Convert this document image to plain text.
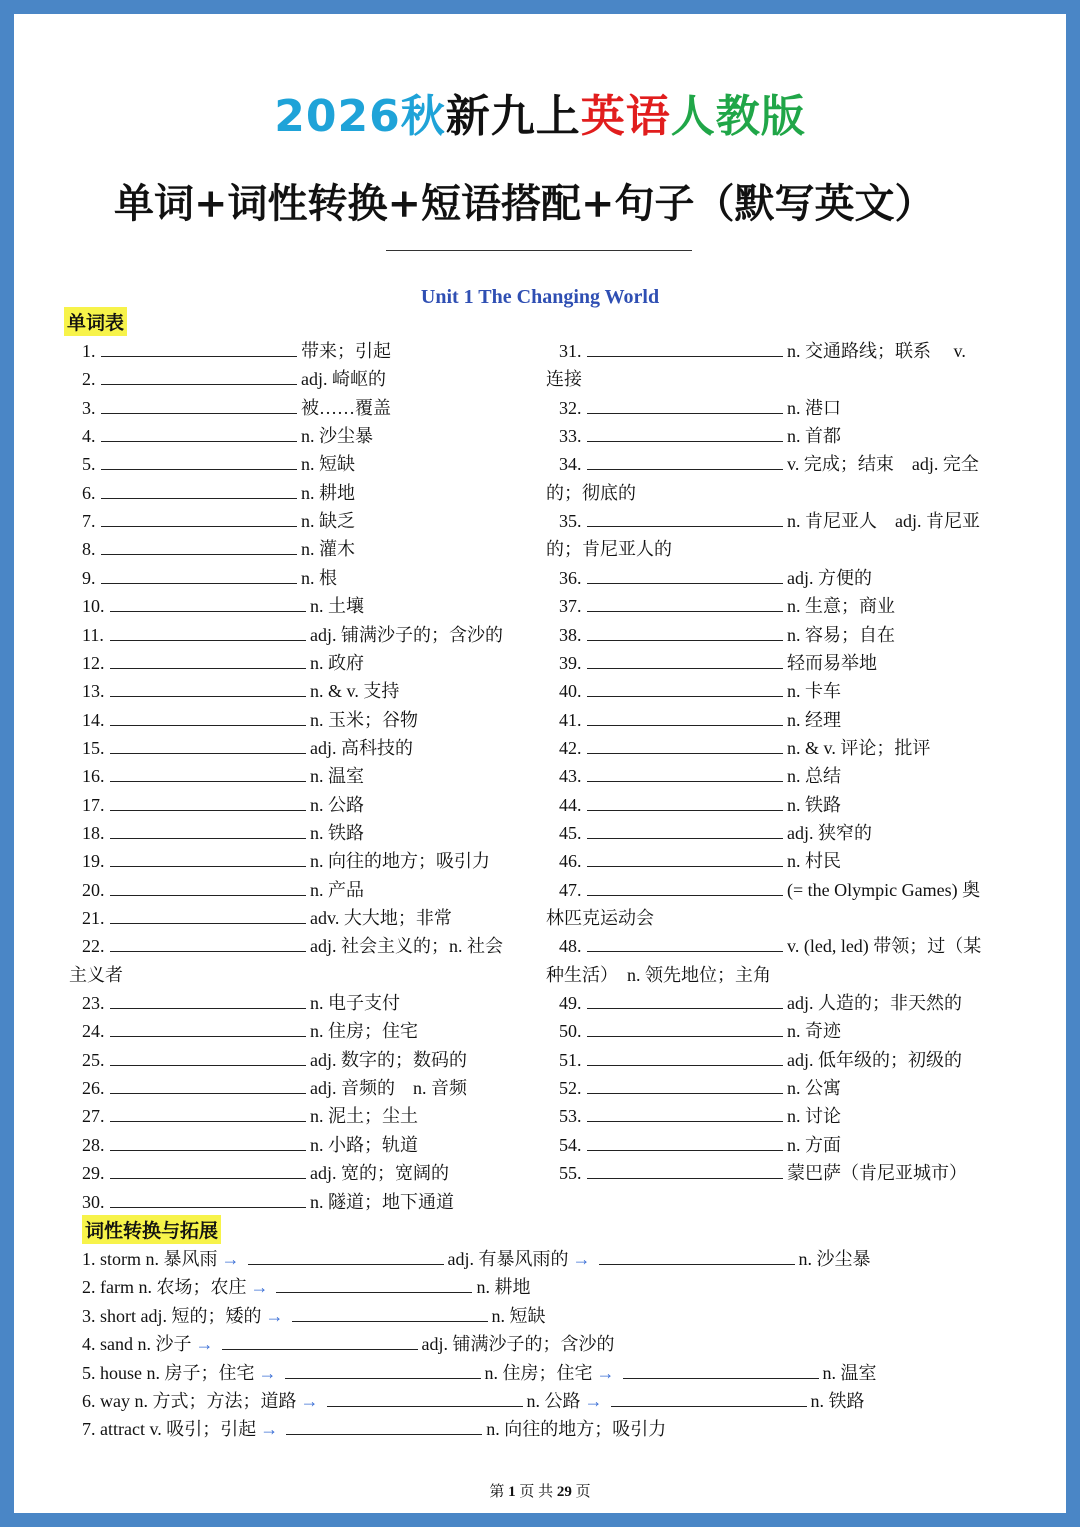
2026秋新九上英语人教版
单词+词性转换+短语搭配+句子（默写英文）
Unit 1 The Changing World
单词表
1.	带来；引起
2.	adj. 崎岖的
3.	被……覆盖
4.	n. 沙尘暴
5.	n. 短缺
6.	n. 耕地
7.	n. 缺乏
8.	n. 灌木
9.	n. 根
10.	n. 土壤
11.	adj. 铺满沙子的；含沙的
12.	n. 政府
13.	n. & v. 支持
14.	n. 玉米；谷物
15.	adj. 高科技的
16.	n. 温室
17.	n. 公路
18.	n. 铁路
19.	n. 向往的地方；吸引力
20.	n. 产品
21.	adv. 大大地；非常
22.	adj. 社会主义的；n. 社会
主义者
23.	n. 电子支付
24.	n. 住房；住宅
25.	adj. 数字的；数码的
26.	adj. 音频的　n. 音频
27.	n. 泥土；尘土
28.	n. 小路；轨道
29.	adj. 宽的；宽阔的
30.	n. 隧道；地下通道
31.	n. 交通路线；联系　 v.
连接
32.	n. 港口
33.	n. 首都
34.	v. 完成；结束　adj. 完全
的；彻底的
35.	n. 肯尼亚人　adj. 肯尼亚
的；肯尼亚人的
36.	adj. 方便的
37.	n. 生意；商业
38.	n. 容易；自在
39.	轻而易举地
40.	n. 卡车
41.	n. 经理
42.	n. & v. 评论；批评
43.	n. 总结
44.	n. 铁路
45.	adj. 狭窄的
46.	n. 村民
47.	(= the Olympic Games) 奥
林匹克运动会
48.	v. (led, led) 带领；过（某
种生活）　n. 领先地位；主角
49.	adj. 人造的；非天然的
50.	n. 奇迹
51.	adj. 低年级的；初级的
52.	n. 公寓
53.	n. 讨论
54.	n. 方面
55.	蒙巴萨（肯尼亚城市）
词性转换与拓展
1. storm n. 暴风雨 →	adj. 有暴风雨的 →	n. 沙尘暴
2. farm n. 农场；农庄 →	n. 耕地
3. short adj. 短的；矮的 →	n. 短缺
4. sand n. 沙子 →	adj. 铺满沙子的；含沙的
5. house n. 房子；住宅 →	n. 住房；住宅 →	n. 温室
6. way n. 方式；方法；道路 →	n. 公路 →	n. 铁路
7. attract v. 吸引；引起 →	n. 向往的地方；吸引力
第 1 页 共 29 页
